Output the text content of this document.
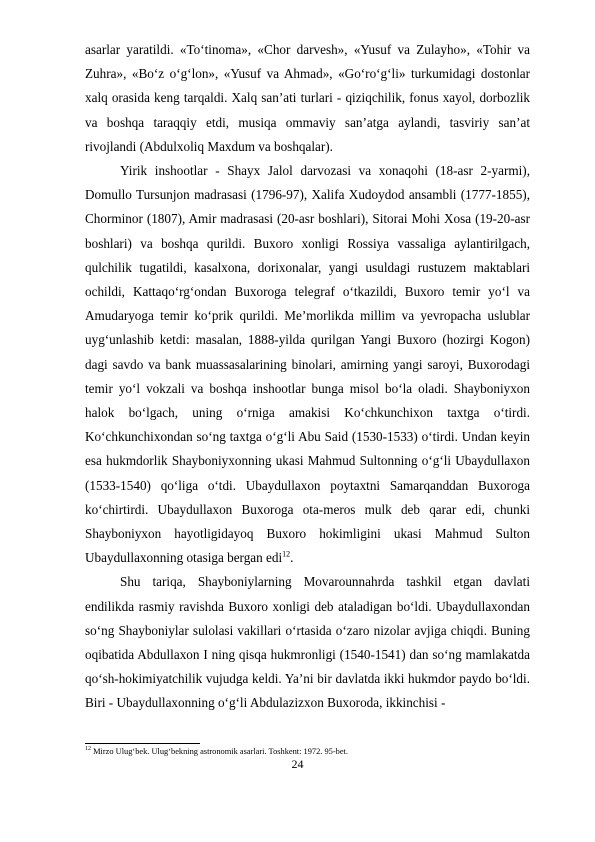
asarlar yaratildi. «To‘tinoma», «Chor darvesh», «Yusuf va Zulayho», «Tohir va Zuhra», «Bo‘z o‘g‘lon», «Yusuf va Ahmad», «Go‘ro‘g‘li» turkumidagi dostonlar xalq orasida keng tarqaldi. Xalq san’ati turlari - qiziqchilik, fonus xayol, dorbozlik va boshqa taraqqiy etdi, musiqa ommaviy san’atga aylandi, tasviriy san’at rivojlandi (Abdulxoliq Maxdum va boshqalar).

Yirik inshootlar - Shayx Jalol darvozasi va xonaqohi (18-asr 2-yarmi), Domullo Tursunjon madrasasi (1796-97), Xalifa Xudoydod ansambli (1777-1855), Chorminor (1807), Amir madrasasi (20-asr boshlari), Sitorai Mohi Xosa (19-20-asr boshlari) va boshqa qurildi. Buxoro xonligi Rossiya vassaliga aylantirilgach, qulchilik tugatildi, kasalxona, dorixonalar, yangi usuldagi rustuzem maktablari ochildi, Kattaqo‘rg‘ondan Buxoroga telegraf o‘tkazildi, Buxoro temir yo‘l va Amudaryoga temir ko‘prik qurildi. Me’morlikda millim va yevropacha uslublar uyg‘unlashib ketdi: masalan, 1888-yilda qurilgan Yangi Buxoro (hozirgi Kogon) dagi savdo va bank muassasalarining binolari, amirning yangi saroyi, Buxorodagi temir yo‘l vokzali va boshqa inshootlar bunga misol bo‘la oladi. Shayboniyxon halok bo‘lgach, uning o‘rniga amakisi Ko‘chkunchixon taxtga o‘tirdi. Ko‘chkunchixondan so‘ng taxtga o‘g‘li Abu Said (1530-1533) o‘tirdi. Undan keyin esa hukmdorlik Shayboniyxonning ukasi Mahmud Sultonning o‘g‘li Ubaydullaxon (1533-1540) qo‘liga o‘tdi. Ubaydullaxon poytaxtni Samarqanddan Buxoroga ko‘chirtirdi. Ubaydullaxon Buxoroga ota-meros mulk deb qarar edi, chunki Shayboniyxon hayotligidayoq Buxoro hokimligini ukasi Mahmud Sulton Ubaydullaxonning otasiga bergan edi$^{12}$.

Shu tariqa, Shayboniylarning Movarounnahrda tashkil etgan davlati endilikda rasmiy ravishda Buxoro xonligi deb ataladigan bo‘ldi. Ubaydullaxondan so‘ng Shayboniylar sulolasi vakillari o‘rtasida o‘zaro nizolar avjiga chiqdi. Buning oqibatida Abdullaxon I ning qisqa hukmronligi (1540-1541) dan so‘ng mamlakatda qo‘sh-hokimiyatchilik vujudga keldi. Ya’ni bir davlatda ikki hukmdor paydo bo‘ldi. Biri - Ubaydullaxonning o‘g‘li Abdulazizxon Buxoroda, ikkinchisi -

$^{12}$ Mirzo Ulug‘bek. Ulug‘bekning astronomik asarlari. Toshkent: 1972. 95-bet.
24
